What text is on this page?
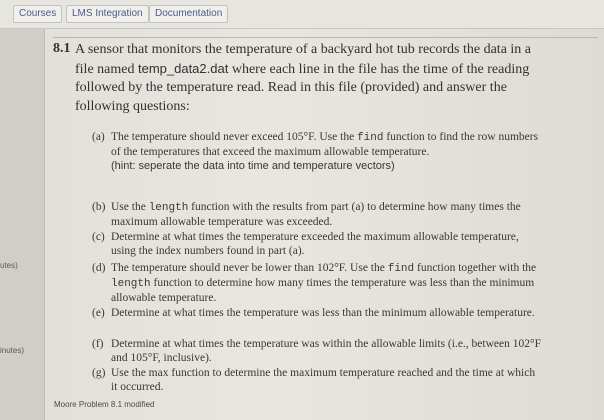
Courses	LMS Integration	Documentation
utes)
inutes)
8.1 A sensor that monitors the temperature of a backyard hot tub records the data in a file named temp_data2.dat where each line in the file has the time of the reading followed by the temperature read. Read in this file (provided) and answer the following questions:
(a) The temperature should never exceed 105°F. Use the find function to find the row numbers of the temperatures that exceed the maximum allowable temperature.
(hint: seperate the data into time and temperature vectors)
(b) Use the length function with the results from part (a) to determine how many times the maximum allowable temperature was exceeded.
(c) Determine at what times the temperature exceeded the maximum allowable temperature, using the index numbers found in part (a).
(d) The temperature should never be lower than 102°F. Use the find function together with the length function to determine how many times the temperature was less than the minimum allowable temperature.
(e) Determine at what times the temperature was less than the minimum allowable temperature.
(f) Determine at what times the temperature was within the allowable limits (i.e., between 102°F and 105°F, inclusive).
(g) Use the max function to determine the maximum temperature reached and the time at which it occurred.
Moore Problem 8.1 modified
